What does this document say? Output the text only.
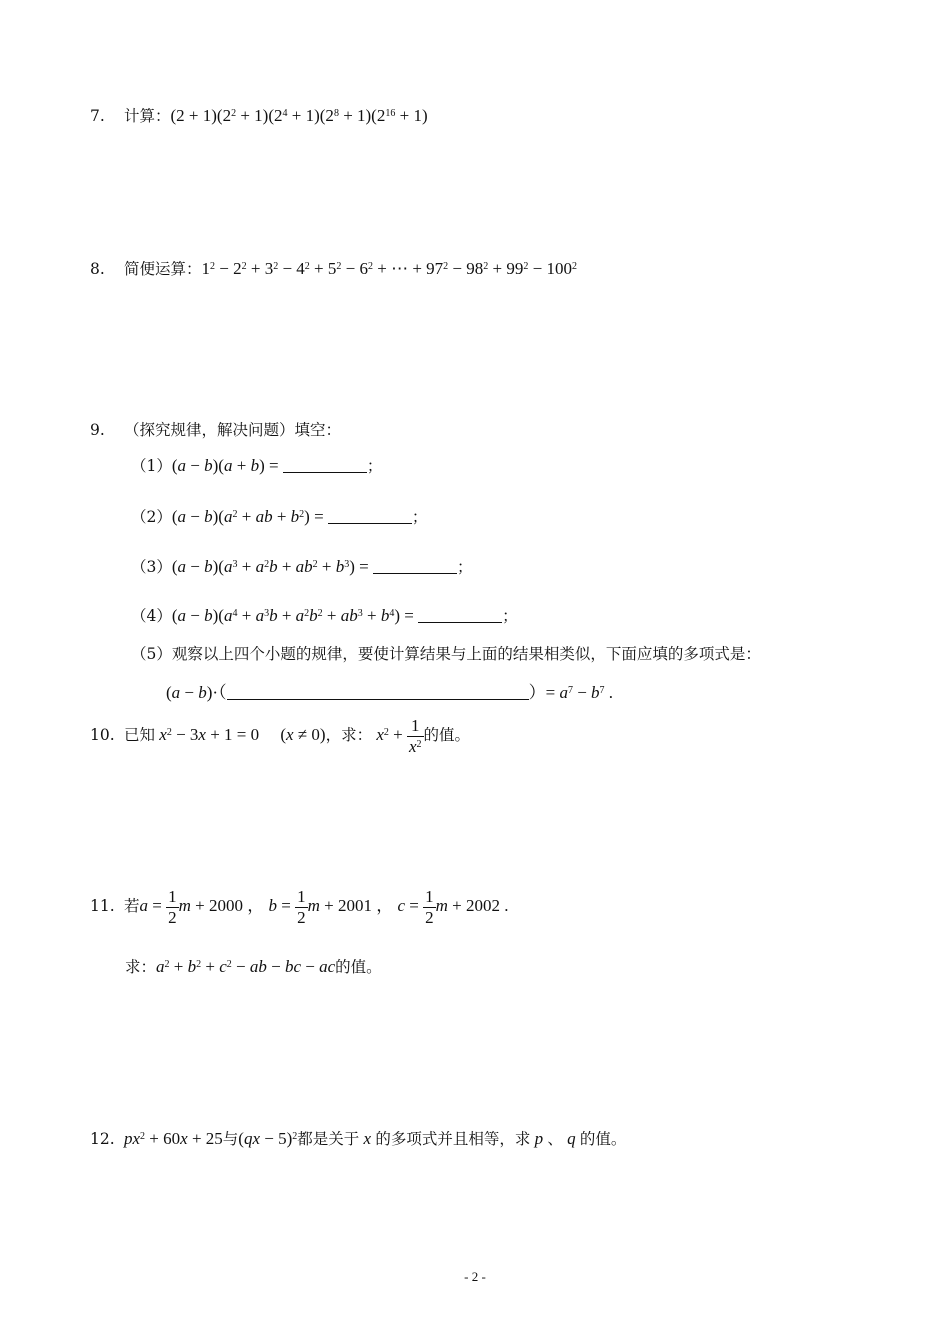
7. 计算：$(2 + 1)(2^2 + 1)(2^4 + 1)(2^8 + 1)(2^{16} + 1)$
8. 简便运算：$1^2 - 2^2 + 3^2 - 4^2 + 5^2 - 6^2$ + ⋯ + $97^2 - 98^2 + 99^2 - 100^2$
9. （探究规律，解决问题）填空：
（1）(a − b)(a + b) =	；
$(2)(a - b)(a^2$ + ab + $b^2$) =	；
$(3)(a - b)(a^3 + a^2b + ab^2 + b^3)$ =	；
$(4)(a - b)(a^4 + a^3b + a^2b^2 + ab^3 + b^4)$ =	；
（5）观察以上四个小题的规律，要使计算结果与上面的结果相类似，下面应填的多项式是：
(a − b)·（	）= $a^7 - b^7$ .
10. 已知 $x^2 - 3x + 1 = 0$     (x ≠ 0)，求： $x^2 + \frac{1}{x^2}$ 的值。
11. 若$a = \frac{1}{2}$ m + 2000 ， $b = \frac{1}{2}$ m + 2001 ， $c = \frac{1}{2}$ m + 2002 .
求：$a^2 + b^2 + c^2$ − ab − bc − ac的值。
12. $px^2 + 60x + 25$与(qx − 5)$^2$都是关于 x 的多项式并且相等，求 p 、 q 的值。
- 2 -
